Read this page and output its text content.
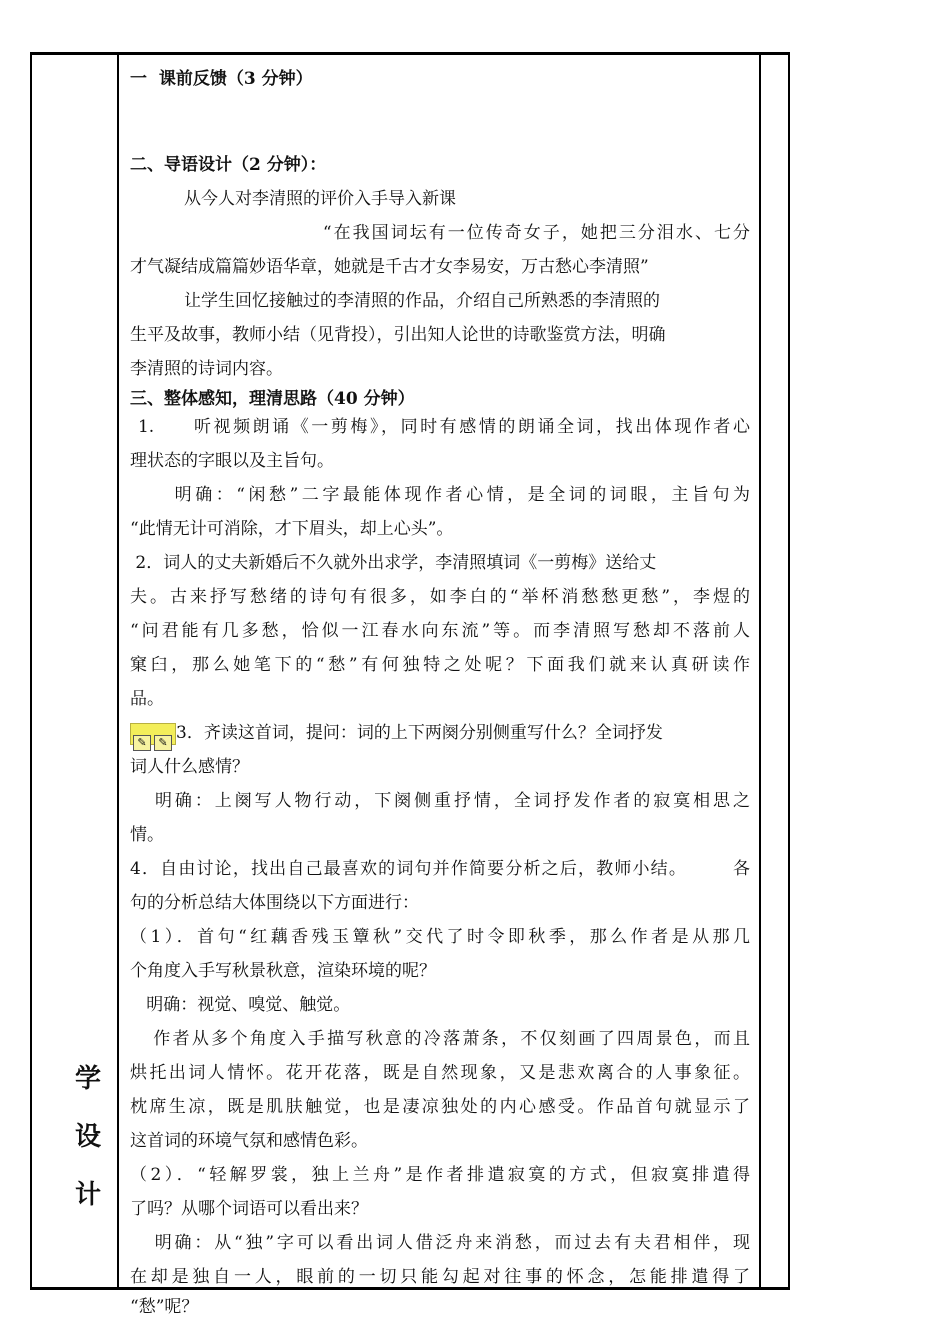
学
设
计
一  课前反馈（3 分钟）
二、导语设计（2 分钟）：
从今人对李清照的评价入手导入新课
“在我国词坛有一位传奇女子，她把三分泪水、七分
才气凝结成篇篇妙语华章，她就是千古才女李易安，万古愁心李清照”
让学生回忆接触过的李清照的作品，介绍自己所熟悉的李清照的
生平及故事，教师小结（见背投），引出知人论世的诗歌鉴赏方法，明确
李清照的诗词内容。
三、整体感知，理清思路（40 分钟）
1.     听视频朗诵《一剪梅》，同时有感情的朗诵全词，找出体现作者心
理状态的字眼以及主旨句。
明确：“闲愁”二字最能体现作者心情，是全词的词眼，主旨句为
“此情无计可消除，才下眉头，却上心头”。
2．词人的丈夫新婚后不久就外出求学，李清照填词《一剪梅》送给丈
夫。古来抒写愁绪的诗句有很多，如李白的“举杯消愁愁更愁”，李煜的
“问君能有几多愁，恰似一江春水向东流”等。而李清照写愁却不落前人
窠臼，那么她笔下的“愁”有何独特之处呢？下面我们就来认真研读作
品。
✎ ✎ 3．齐读这首词，提问：词的上下两阕分别侧重写什么？全词抒发
词人什么感情？
明确：上阕写人物行动，下阕侧重抒情，全词抒发作者的寂寞相思之
情。
4．自由讨论，找出自己最喜欢的词句并作简要分析之后，教师小结。       各
句的分析总结大体围绕以下方面进行：
（1）．首句“红藕香残玉簟秋”交代了时令即秋季，那么作者是从那几
个角度入手写秋景秋意，渲染环境的呢？
明确：视觉、嗅觉、触觉。
作者从多个角度入手描写秋意的冷落萧条，不仅刻画了四周景色，而且
烘托出词人情怀。花开花落，既是自然现象，又是悲欢离合的人事象征。
枕席生凉，既是肌肤触觉，也是凄凉独处的内心感受。作品首句就显示了
这首词的环境气氛和感情色彩。
（2）．“轻解罗裳，独上兰舟”是作者排遣寂寞的方式，但寂寞排遣得
了吗？从哪个词语可以看出来？
明确：从“独”字可以看出词人借泛舟来消愁，而过去有夫君相伴，现
在却是独自一人，眼前的一切只能勾起对往事的怀念，怎能排遣得了
“愁”呢？
